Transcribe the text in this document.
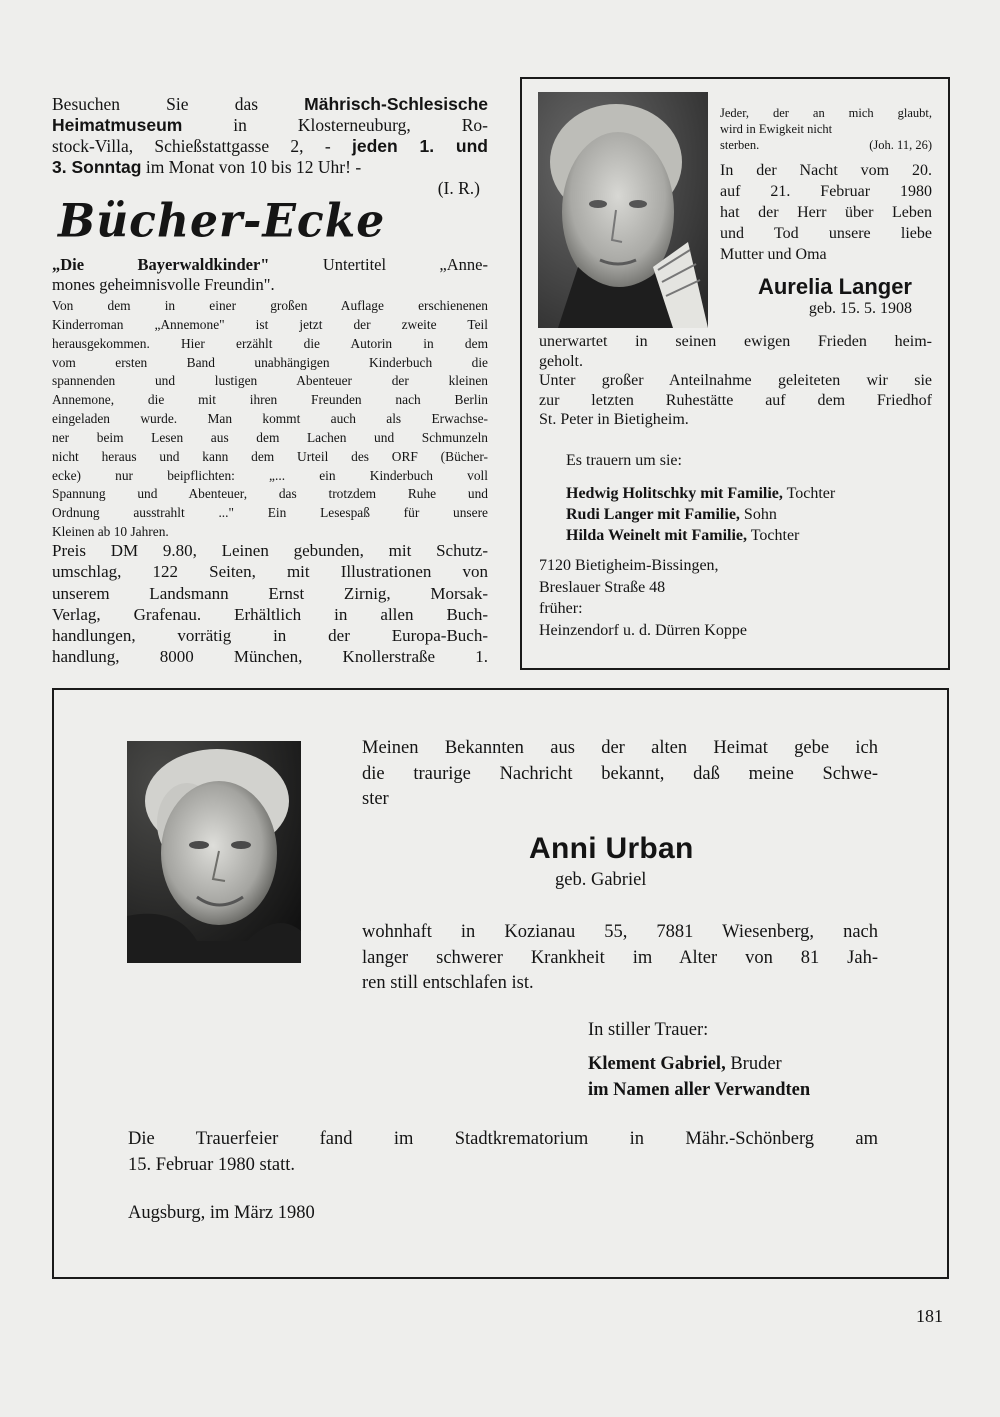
Besuchen Sie das Mährisch-Schlesische
Heimatmuseum in Klosterneuburg, Ro-
stock-Villa, Schießstattgasse 2, - jeden 1. und
3. Sonntag im Monat von 10 bis 12 Uhr! -
(I. R.)
Bücher-Ecke
„Die Bayerwaldkinder" Untertitel „Anne-
mones geheimnisvolle Freundin".
Von dem in einer großen Auflage erschienenen
Kinderroman „Annemone" ist jetzt der zweite Teil
herausgekommen. Hier erzählt die Autorin in dem
vom ersten Band unabhängigen Kinderbuch die
spannenden und lustigen Abenteuer der kleinen
Annemone, die mit ihren Freunden nach Berlin
eingeladen wurde. Man kommt auch als Erwachse-
ner beim Lesen aus dem Lachen und Schmunzeln
nicht heraus und kann dem Urteil des ORF (Bücher-
ecke) nur beipflichten: „... ein Kinderbuch voll
Spannung und Abenteuer, das trotzdem Ruhe und
Ordnung ausstrahlt ..." Ein Lesespaß für unsere
Kleinen ab 10 Jahren.
Preis DM 9.80, Leinen gebunden, mit Schutz-
umschlag, 122 Seiten, mit Illustrationen von
unserem Landsmann Ernst Zirnig, Morsak-
Verlag, Grafenau. Erhältlich in allen Buch-
handlungen, vorrätig in der Europa-Buch-
handlung, 8000 München, Knollerstraße 1.
Jeder, der an mich glaubt,
wird in Ewigkeit nicht
sterben.	(Joh. 11, 26)
In der Nacht vom 20.
auf 21. Februar 1980
hat der Herr über Leben
und Tod unsere liebe
Mutter und Oma
Aurelia Langer
geb. 15. 5. 1908
unerwartet in seinen ewigen Frieden heim-
geholt.
Unter großer Anteilnahme geleiteten wir sie
zur letzten Ruhestätte auf dem Friedhof
St. Peter in Bietigheim.
Es trauern um sie:
Hedwig Holitschky mit Familie, Tochter
Rudi Langer mit Familie, Sohn
Hilda Weinelt mit Familie, Tochter
7120 Bietigheim-Bissingen,
Breslauer Straße 48
früher:
Heinzendorf u. d. Dürren Koppe
Meinen Bekannten aus der alten Heimat gebe ich
die traurige Nachricht bekannt, daß meine Schwe-
ster
Anni Urban
geb. Gabriel
wohnhaft in Kozianau 55, 7881 Wiesenberg, nach
langer schwerer Krankheit im Alter von 81 Jah-
ren still entschlafen ist.
In stiller Trauer:
Klement Gabriel, Bruder
im Namen aller Verwandten
Die Trauerfeier fand im Stadtkrematorium in Mähr.-Schönberg am
15. Februar 1980 statt.
Augsburg, im März 1980
181
